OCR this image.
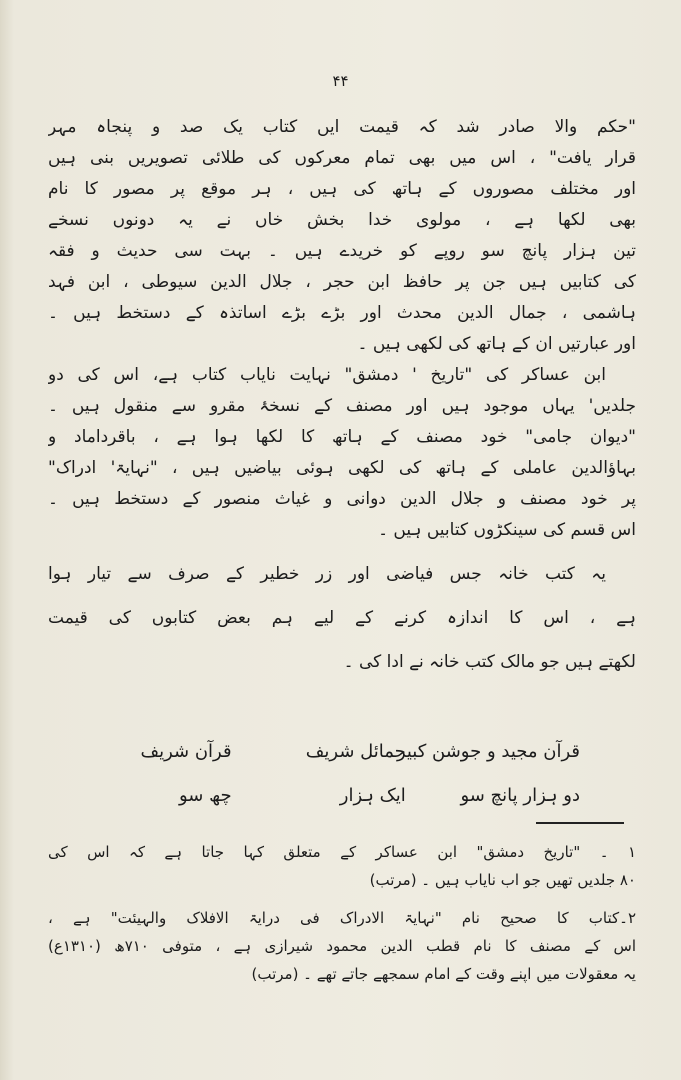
۴۴
"حکم والا صادر شد کہ قیمت ایں کتاب یک صد و پنجاہ مہر
قرار یافت" ، اس میں بھی تمام معرکوں کی طلائی تصویریں بنی ہیں
اور مختلف مصوروں کے ہاتھ کی ہیں ، ہر موقع پر مصور کا نام
بھی لکھا ہے ، مولوی خدا بخش خاں نے یہ دونوں نسخے
تین ہزار پانچ سو روپے کو خریدے ہیں ۔ بہت سی حدیث و فقہ
کی کتابیں ہیں جن پر حافظ ابن حجر ، جلال الدین سیوطی ، ابن فہد
ہاشمی ، جمال الدین محدث اور بڑے بڑے اساتذہ کے دستخط ہیں ۔
اور عبارتیں ان کے ہاتھ کی لکھی ہیں ۔
ابن عساکر کی "تاریخ ' دمشق" نہایت نایاب کتاب ہے، اس کی دو
جلدیں' یہاں موجود ہیں اور مصنف کے نسخۂ مقرو سے منقول ہیں ۔
"دیوان جامی" خود مصنف کے ہاتھ کا لکھا ہوا ہے ، باقرداماد و
بہاؤالدین عاملی کے ہاتھ کی لکھی ہوئی بیاضیں ہیں ، "نہایۃ' ادراک"
پر خود مصنف و جلال الدین دوانی و غیاث منصور کے دستخط ہیں ۔
اس قسم کی سینکڑوں کتابیں ہیں ۔
یہ کتب خانہ جس فیاضی اور زر خطیر کے صرف سے تیار ہوا
ہے ، اس کا اندازہ کرنے کے لیے ہم بعض کتابوں کی قیمت
لکھتے ہیں جو مالک کتب خانہ نے ادا کی ۔
قرآن مجید و جوشن کبیر
حمائل شریف
قرآن شریف
دو ہزار پانچ سو
ایک ہزار
چھ سو
۱ ۔ "تاریخ دمشق" ابن عساکر کے متعلق کہا جاتا ہے کہ اس کی
۸۰ جلدیں تھیں جو اب نایاب ہیں ۔ (مرتب)
۲۔کتاب کا صحیح نام "نہایۃ الادراک فی درایۃ الافلاک والہیئت" ہے ،
اس کے مصنف کا نام قطب الدین محمود شیرازی ہے ، متوفی ۷۱۰ھ (۱۳۱۰ع)
یہ معقولات میں اپنے وقت کے امام سمجھے جاتے تھے ۔ (مرتب)
